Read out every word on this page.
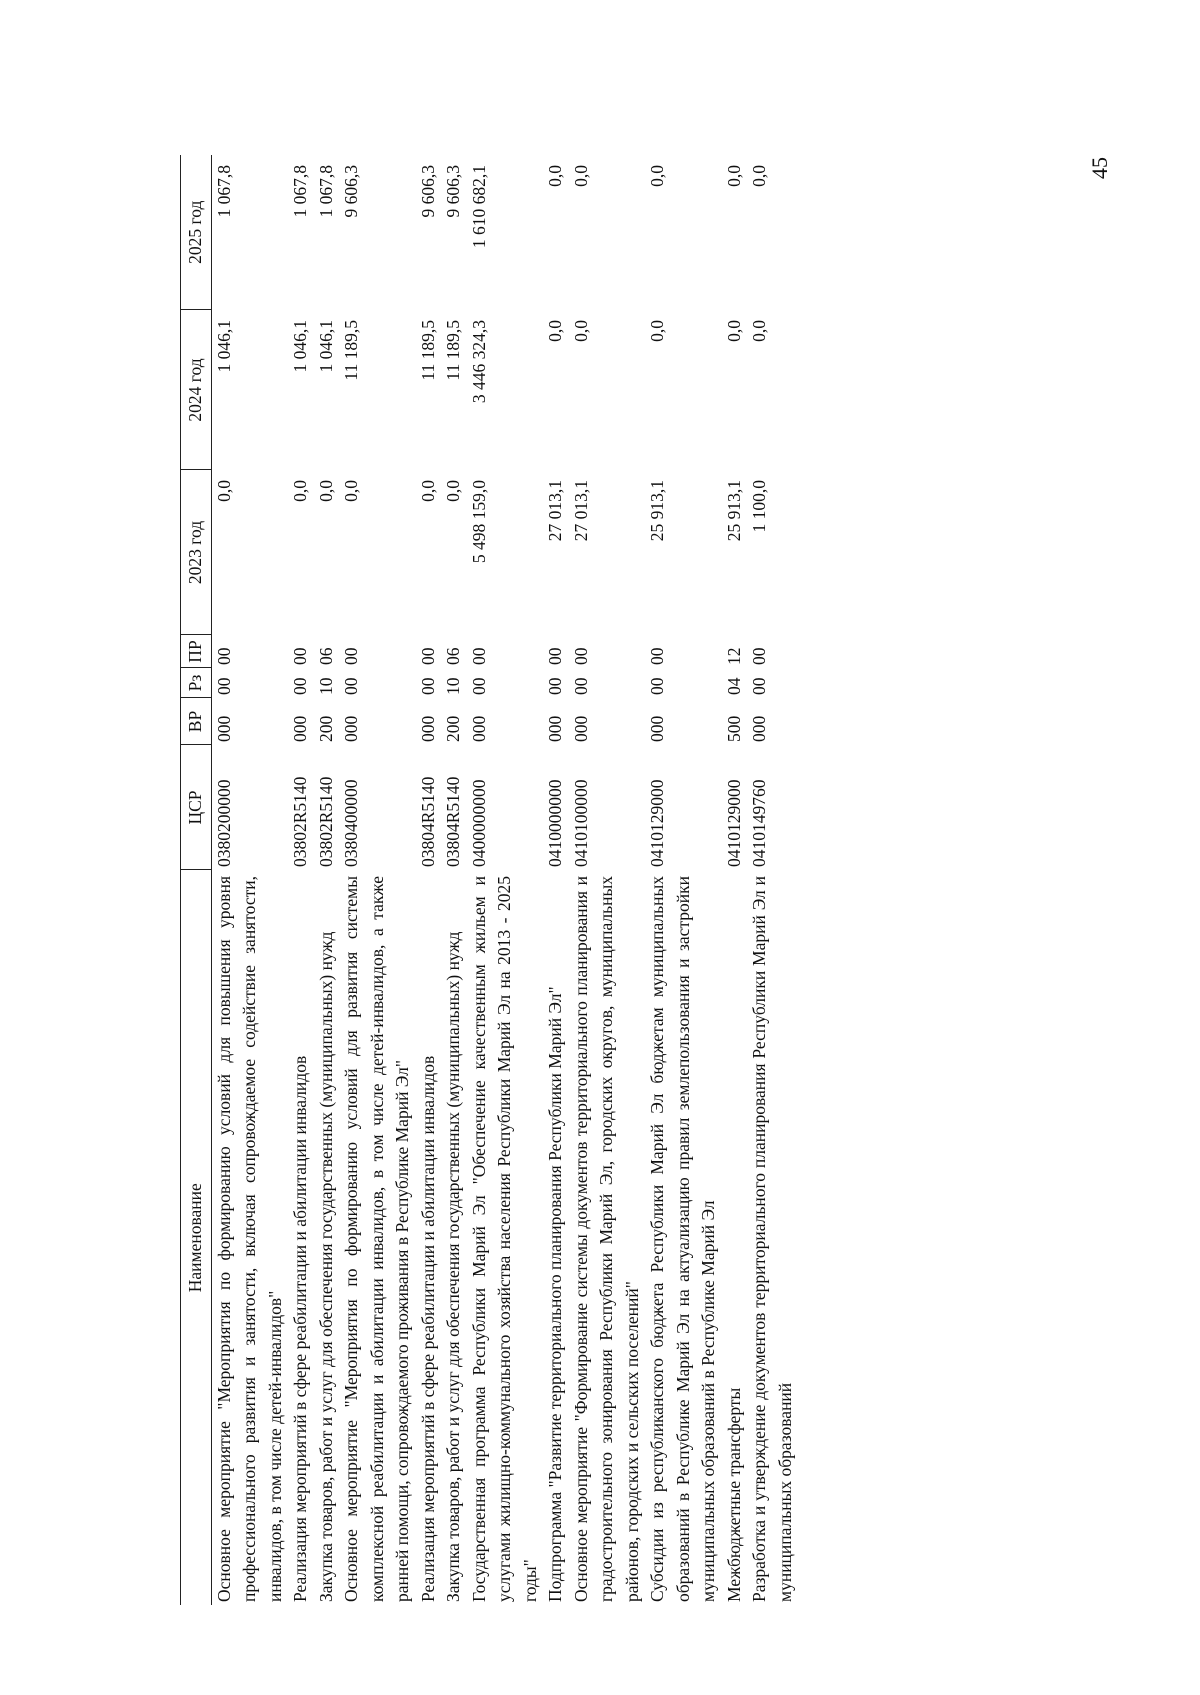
45
Наименование	ЦСР	ВР	Рз	ПР	2023 год	2024 год	2025 год
Основное мероприятие "Мероприятия по формированию условий для повышения уровня профессионального развития и занятости, включая сопровождаемое содействие занятости, инвалидов, в том числе детей-инвалидов"	0380200000	000	00	00	0,0	1 046,1	1 067,8
Реализация мероприятий в сфере реабилитации и абилитации инвалидов	03802R5140	000	00	00	0,0	1 046,1	1 067,8
Закупка товаров, работ и услуг для обеспечения государственных (муниципальных) нужд	03802R5140	200	10	06	0,0	1 046,1	1 067,8
Основное мероприятие "Мероприятия по формированию условий для развития системы комплексной реабилитации и абилитации инвалидов, в том числе детей-инвалидов, а также ранней помощи, сопровождаемого проживания в Республике Марий Эл"	0380400000	000	00	00	0,0	11 189,5	9 606,3
Реализация мероприятий в сфере реабилитации и абилитации инвалидов	03804R5140	000	00	00	0,0	11 189,5	9 606,3
Закупка товаров, работ и услуг для обеспечения государственных (муниципальных) нужд	03804R5140	200	10	06	0,0	11 189,5	9 606,3
Государственная программа Республики Марий Эл "Обеспечение качественным жильем и услугами жилищно-коммунального хозяйства населения Республики Марий Эл на 2013 - 2025 годы"	0400000000	000	00	00	5 498 159,0	3 446 324,3	1 610 682,1
Подпрограмма "Развитие территориального планирования Республики Марий Эл"	0410000000	000	00	00	27 013,1	0,0	0,0
Основное мероприятие "Формирование системы документов территориального планирования и градостроительного зонирования Республики Марий Эл, городских округов, муниципальных районов, городских и сельских поселений"	0410100000	000	00	00	27 013,1	0,0	0,0
Субсидии из республиканского бюджета Республики Марий Эл бюджетам муниципальных образований в Республике Марий Эл на актуализацию правил землепользования и застройки муниципальных образований в Республике Марий Эл	0410129000	000	00	00	25 913,1	0,0	0,0
Межбюджетные трансферты	0410129000	500	04	12	25 913,1	0,0	0,0
Разработка и утверждение документов территориального планирования Республики Марий Эл и муниципальных образований	0410149760	000	00	00	1 100,0	0,0	0,0
